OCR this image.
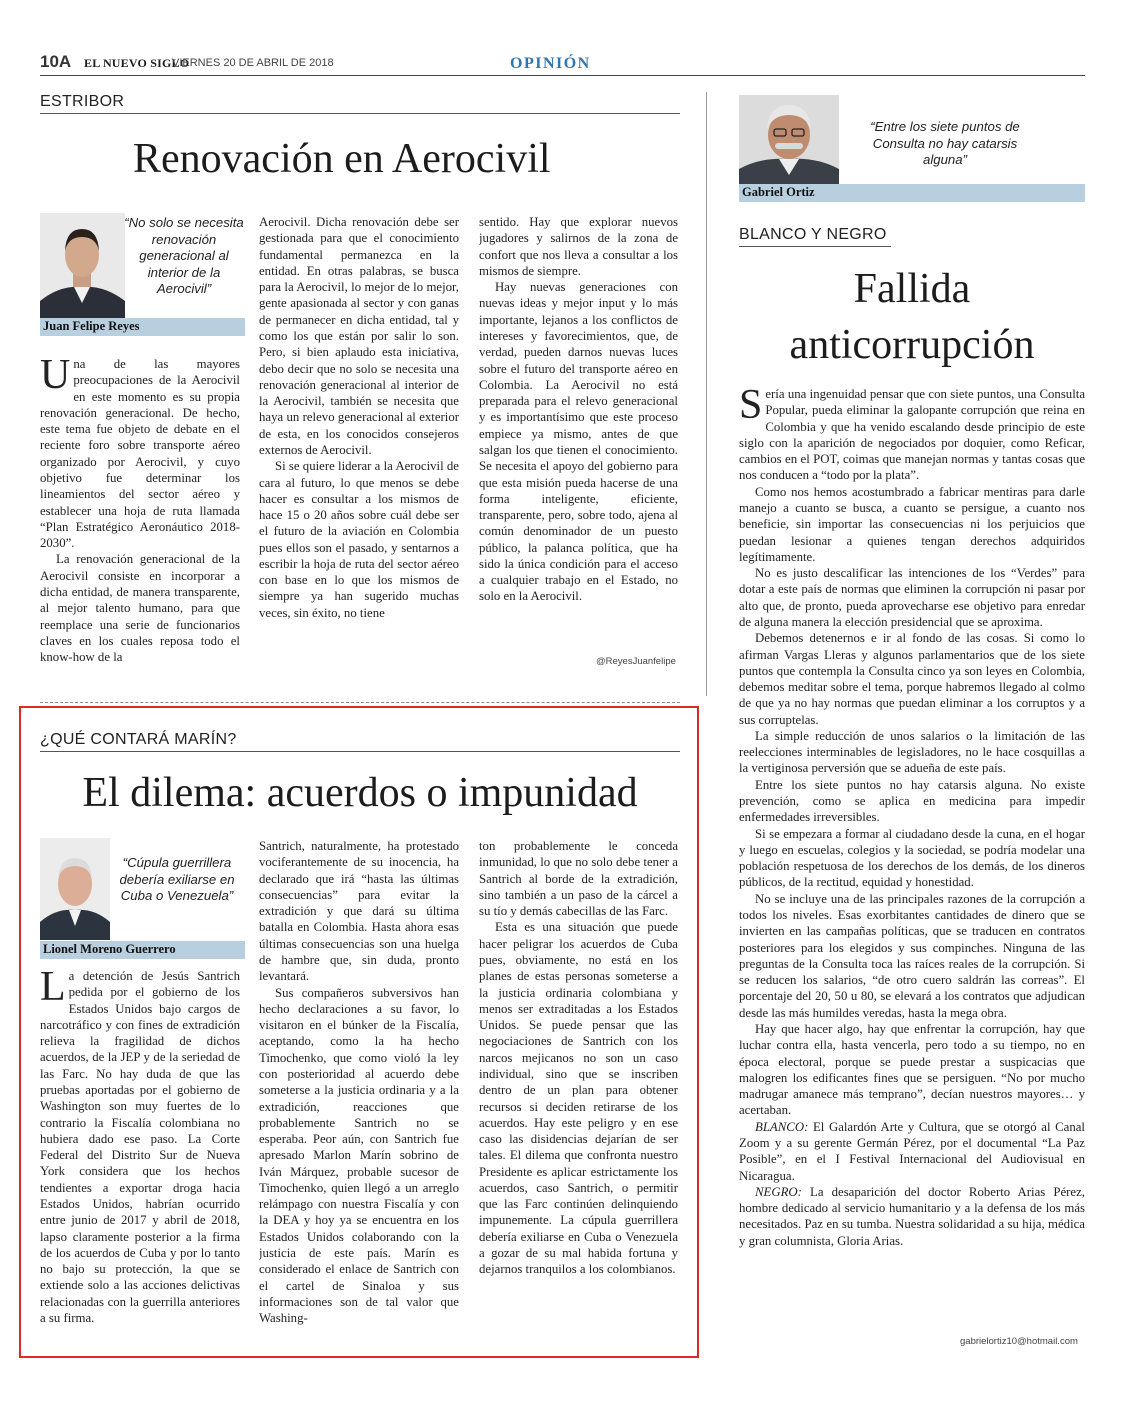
10A EL NUEVO SIGLO
VIERNES 20 DE ABRIL DE 2018	OPINIÓN
ESTRIBOR
Renovación en Aerocivil
“No solo se necesita renovación generacional al interior de la Aerocivil”
Juan Felipe Reyes

Una de las mayores preocupaciones de la Aerocivil en este momento es su propia renovación generacional. De hecho, este tema fue objeto de debate en el reciente foro sobre transporte aéreo organizado por Aerocivil, y cuyo objetivo fue determinar los lineamientos del sector aéreo y establecer una hoja de ruta llamada “Plan Estratégico Aeronáutico 2018-2030”.

La renovación generacional de la Aerocivil consiste en incorporar a dicha entidad, de manera transparente, al mejor talento humano, para que reemplace una serie de funcionarios claves en los cuales reposa todo el know-how de la

Aerocivil. Dicha renovación debe ser gestionada para que el conocimiento fundamental permanezca en la entidad. En otras palabras, se busca para la Aerocivil, lo mejor de lo mejor, gente apasionada al sector y con ganas de permanecer en dicha entidad, tal y como los que están por salir lo son. Pero, si bien aplaudo esta iniciativa, debo decir que no solo se necesita una renovación generacional al interior de la Aerocivil, también se necesita que haya un relevo generacional al exterior de esta, en los conocidos consejeros externos de Aerocivil.

Si se quiere liderar a la Aerocivil de cara al futuro, lo que menos se debe hacer es consultar a los mismos de hace 15 o 20 años sobre cuál debe ser el futuro de la aviación en Colombia pues ellos son el pasado, y sentarnos a escribir la hoja de ruta del sector aéreo con base en lo que los mismos de siempre ya han sugerido muchas veces, sin éxito, no tiene

sentido. Hay que explorar nuevos jugadores y salirnos de la zona de confort que nos lleva a consultar a los mismos de siempre.

Hay nuevas generaciones con nuevas ideas y mejor input y lo más importante, lejanos a los conflictos de intereses y favorecimientos, que, de verdad, pueden darnos nuevas luces sobre el futuro del transporte aéreo en Colombia. La Aerocivil no está preparada para el relevo generacional y es importantísimo que este proceso empiece ya mismo, antes de que salgan los que tienen el conocimiento. Se necesita el apoyo del gobierno para que esta misión pueda hacerse de una forma inteligente, eficiente, transparente, pero, sobre todo, ajena al común denominador de un puesto público, la palanca política, que ha sido la única condición para el acceso a cualquier trabajo en el Estado, no solo en la Aerocivil.

@ReyesJuanfelipe
“Entre los siete puntos de Consulta no hay catarsis alguna”
Gabriel Ortiz
BLANCO Y NEGRO
Fallida
anticorrupción

Sería una ingenuidad pensar que con siete puntos, una Consulta Popular, pueda eliminar la galopante corrupción que reina en Colombia y que ha venido escalando desde principio de este siglo con la aparición de negociados por doquier, como Reficar, cambios en el POT, coimas que manejan normas y tantas cosas que nos conducen a “todo por la plata”.

Como nos hemos acostumbrado a fabricar mentiras para darle manejo a cuanto se busca, a cuanto se persigue, a cuanto nos beneficie, sin importar las consecuencias ni los perjuicios que puedan lesionar a quienes tengan derechos adquiridos legítimamente.

No es justo descalificar las intenciones de los “Verdes” para dotar a este país de normas que eliminen la corrupción ni pasar por alto que, de pronto, pueda aprovecharse ese objetivo para enredar de alguna manera la elección presidencial que se aproxima.

Debemos detenernos e ir al fondo de las cosas. Si como lo afirman Vargas Lleras y algunos parlamentarios que de los siete puntos que contempla la Consulta cinco ya son leyes en Colombia, debemos meditar sobre el tema, porque habremos llegado al colmo de que ya no hay normas que puedan eliminar a los corruptos y a sus corruptelas.

La simple reducción de unos salarios o la limitación de las reelecciones interminables de legisladores, no le hace cosquillas a la vertiginosa perversión que se adueña de este país.

Entre los siete puntos no hay catarsis alguna. No existe prevención, como se aplica en medicina para impedir enfermedades irreversibles.

Si se empezara a formar al ciudadano desde la cuna, en el hogar y luego en escuelas, colegios y la sociedad, se podría modelar una población respetuosa de los derechos de los demás, de los dineros públicos, de la rectitud, equidad y honestidad.

No se incluye una de las principales razones de la corrupción a todos los niveles. Esas exorbitantes cantidades de dinero que se invierten en las campañas políticas, que se traducen en contratos posteriores para los elegidos y sus compinches. Ninguna de las preguntas de la Consulta toca las raíces reales de la corrupción. Si se reducen los salarios, “de otro cuero saldrán las correas”. El porcentaje del 20, 50 u 80, se elevará a los contratos que adjudican desde las más humildes veredas, hasta la mega obra.

Hay que hacer algo, hay que enfrentar la corrupción, hay que luchar contra ella, hasta vencerla, pero todo a su tiempo, no en época electoral, porque se puede prestar a suspicacias que malogren los edificantes fines que se persiguen. “No por mucho madrugar amanece más temprano”, decían nuestros mayores… y acertaban.

BLANCO: El Galardón Arte y Cultura, que se otorgó al Canal Zoom y a su gerente Germán Pérez, por el documental “La Paz Posible”, en el I Festival Internacional del Audiovisual en Nicaragua.

NEGRO: La desaparición del doctor Roberto Arias Pérez, hombre dedicado al servicio humanitario y a la defensa de los más necesitados. Paz en su tumba. Nuestra solidaridad a su hija, médica y gran columnista, Gloria Arias.

gabrielortiz10@hotmail.com
¿QUÉ CONTARÁ MARÍN?
El dilema: acuerdos o impunidad
“Cúpula guerrillera debería exiliarse en Cuba o Venezuela”
Lionel Moreno Guerrero

La detención de Jesús Santrich pedida por el gobierno de los Estados Unidos bajo cargos de narcotráfico y con fines de extradición relieva la fragilidad de dichos acuerdos, de la JEP y de la seriedad de las Farc. No hay duda de que las pruebas aportadas por el gobierno de Washington son muy fuertes de lo contrario la Fiscalía colombiana no hubiera dado ese paso. La Corte Federal del Distrito Sur de Nueva York considera que los hechos tendientes a exportar droga hacia Estados Unidos, habrían ocurrido entre junio de 2017 y abril de 2018, lapso claramente posterior a la firma de los acuerdos de Cuba y por lo tanto no bajo su protección, la que se extiende solo a las acciones delictivas relacionadas con la guerrilla anteriores a su firma.

Santrich, naturalmente, ha protestado vociferantemente de su inocencia, ha declarado que irá “hasta las últimas consecuencias” para evitar la extradición y que dará su última batalla en Colombia. Hasta ahora esas últimas consecuencias son una huelga de hambre que, sin duda, pronto levantará.

Sus compañeros subversivos han hecho declaraciones a su favor, lo visitaron en el búnker de la Fiscalía, aceptando, como la ha hecho Timochenko, que como violó la ley con posterioridad al acuerdo debe someterse a la justicia ordinaria y a la extradición, reacciones que probablemente Santrich no se esperaba. Peor aún, con Santrich fue apresado Marlon Marín sobrino de Iván Márquez, probable sucesor de Timochenko, quien llegó a un arreglo relámpago con nuestra Fiscalía y con la DEA y hoy ya se encuentra en los Estados Unidos colaborando con la justicia de este país. Marín es considerado el enlace de Santrich con el cartel de Sinaloa y sus informaciones son de tal valor que Washing-

ton probablemente le conceda inmunidad, lo que no solo debe tener a Santrich al borde de la extradición, sino también a un paso de la cárcel a su tío y demás cabecillas de las Farc.

Esta es una situación que puede hacer peligrar los acuerdos de Cuba pues, obviamente, no está en los planes de estas personas someterse a la justicia ordinaria colombiana y menos ser extraditadas a los Estados Unidos. Se puede pensar que las negociaciones de Santrich con los narcos mejicanos no son un caso individual, sino que se inscriben dentro de un plan para obtener recursos si deciden retirarse de los acuerdos. Hay este peligro y en ese caso las disidencias dejarían de ser tales. El dilema que confronta nuestro Presidente es aplicar estrictamente los acuerdos, caso Santrich, o permitir que las Farc continúen delinquiendo impunemente. La cúpula guerrillera debería exiliarse en Cuba o Venezuela a gozar de su mal habida fortuna y dejarnos tranquilos a los colombianos.
